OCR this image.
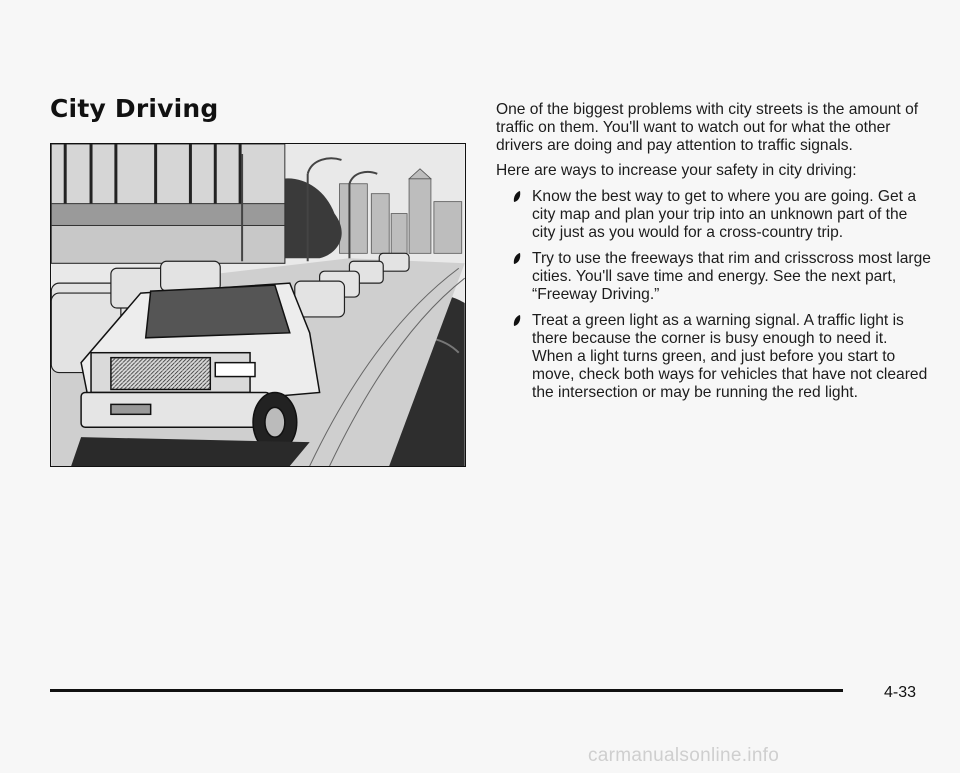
City Driving	One of the biggest problems with city streets is the amount of traffic on them. You'll want to watch out for what the other drivers are doing and pay attention to traffic signals.

Here are ways to increase your safety in city driving:

Know the best way to get to where you are going. Get a city map and plan your trip into an unknown part of the city just as you would for a cross-country trip.
Try to use the freeways that rim and crisscross most large cities. You'll save time and energy. See the next part, “Freeway Driving.”
Treat a green light as a warning signal. A traffic light is there because the corner is busy enough to need it. When a light turns green, and just before you start to move, check both ways for vehicles that have not cleared the intersection or may be running the red light.
4-33
carmanualsonline.info
